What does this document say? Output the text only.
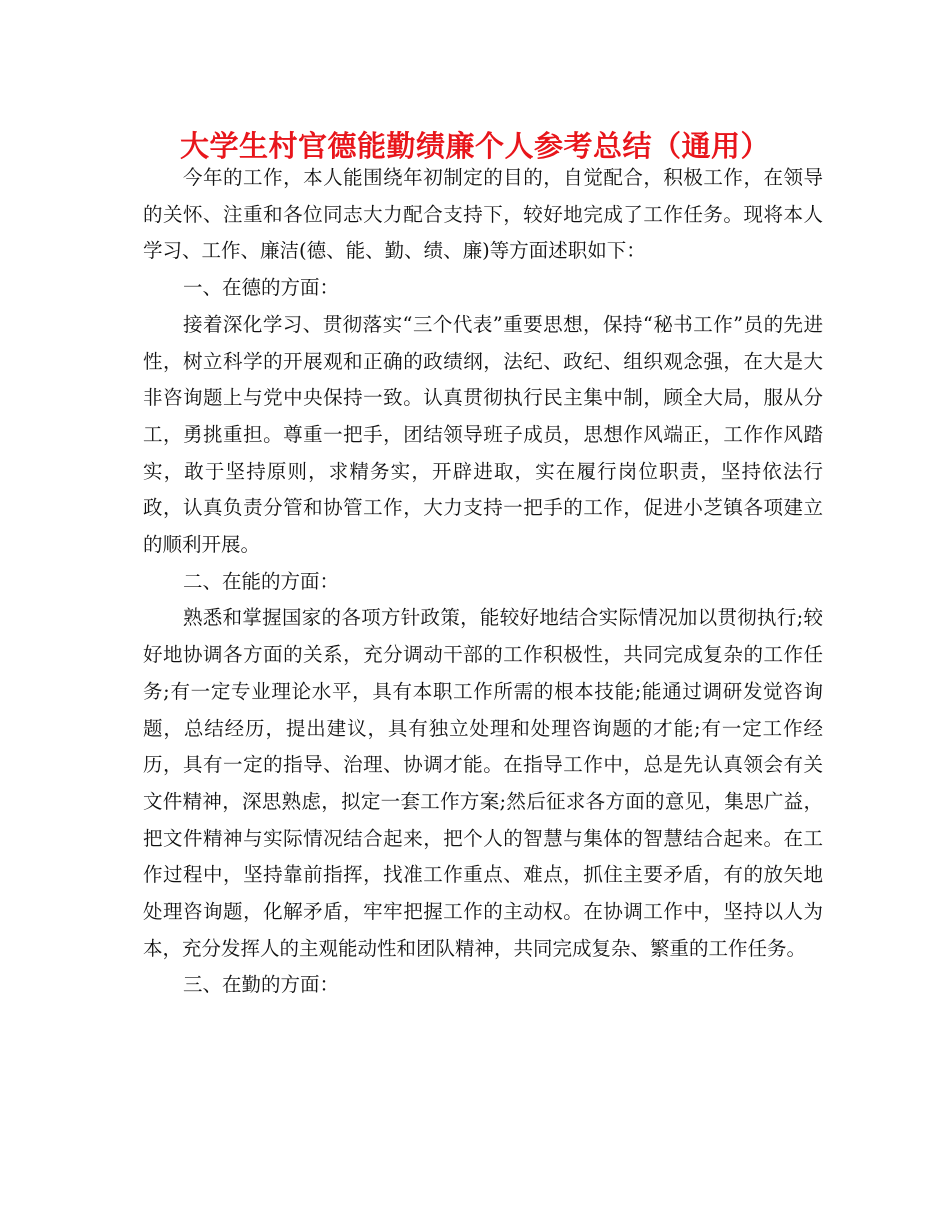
大学生村官德能勤绩廉个人参考总结（通用）

今年的工作，本人能围绕年初制定的目的，自觉配合，积极工作，在领导的关怀、注重和各位同志大力配合支持下，较好地完成了工作任务。现将本人学习、工作、廉洁(德、能、勤、绩、廉)等方面述职如下：

一、在德的方面：

接着深化学习、贯彻落实“三个代表”重要思想，保持“秘书工作”员的先进性，树立科学的开展观和正确的政绩纲，法纪、政纪、组织观念强，在大是大非咨询题上与党中央保持一致。认真贯彻执行民主集中制，顾全大局，服从分工，勇挑重担。尊重一把手，团结领导班子成员，思想作风端正，工作作风踏实，敢于坚持原则，求精务实，开辟进取，实在履行岗位职责，坚持依法行政，认真负责分管和协管工作，大力支持一把手的工作，促进小芝镇各项建立的顺利开展。

二、在能的方面：

熟悉和掌握国家的各项方针政策，能较好地结合实际情况加以贯彻执行;较好地协调各方面的关系，充分调动干部的工作积极性，共同完成复杂的工作任务;有一定专业理论水平，具有本职工作所需的根本技能;能通过调研发觉咨询题，总结经历，提出建议，具有独立处理和处理咨询题的才能;有一定工作经历，具有一定的指导、治理、协调才能。在指导工作中，总是先认真领会有关文件精神，深思熟虑，拟定一套工作方案;然后征求各方面的意见，集思广益，把文件精神与实际情况结合起来，把个人的智慧与集体的智慧结合起来。在工作过程中，坚持靠前指挥，找准工作重点、难点，抓住主要矛盾，有的放矢地处理咨询题，化解矛盾，牢牢把握工作的主动权。在协调工作中，坚持以人为本，充分发挥人的主观能动性和团队精神，共同完成复杂、繁重的工作任务。

三、在勤的方面：
